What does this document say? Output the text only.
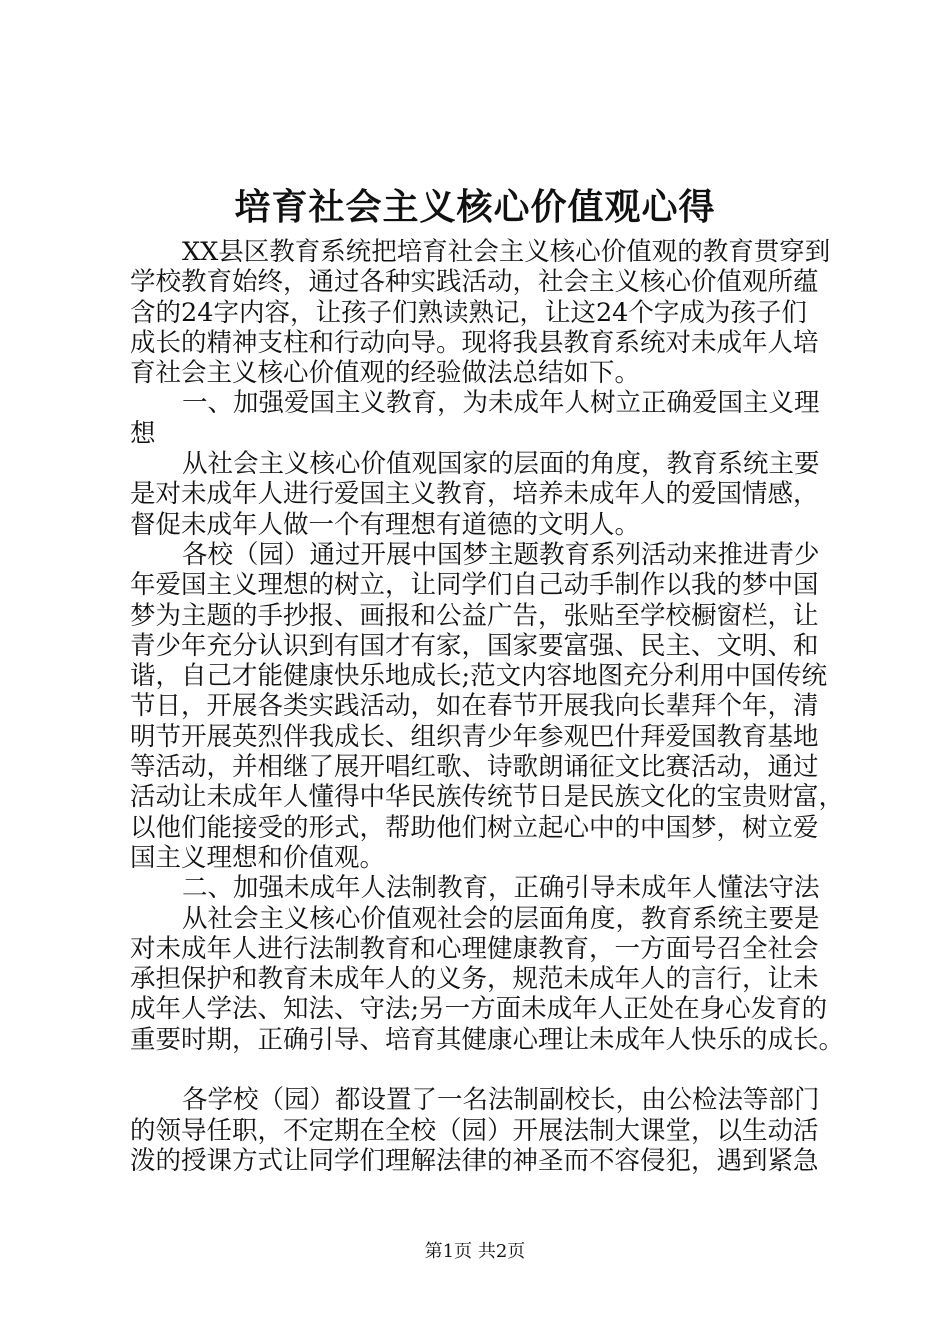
培育社会主义核心价值观心得
XX县区教育系统把培育社会主义核心价值观的教育贯穿到
学校教育始终，通过各种实践活动，社会主义核心价值观所蕴
含的24字内容，让孩子们熟读熟记，让这24个字成为孩子们
成长的精神支柱和行动向导。现将我县教育系统对未成年人培
育社会主义核心价值观的经验做法总结如下。
一、加强爱国主义教育，为未成年人树立正确爱国主义理
想
从社会主义核心价值观国家的层面的角度，教育系统主要
是对未成年人进行爱国主义教育，培养未成年人的爱国情感，
督促未成年人做一个有理想有道德的文明人。
各校（园）通过开展中国梦主题教育系列活动来推进青少
年爱国主义理想的树立，让同学们自己动手制作以我的梦中国
梦为主题的手抄报、画报和公益广告，张贴至学校橱窗栏，让
青少年充分认识到有国才有家，国家要富强、民主、文明、和
谐，自己才能健康快乐地成长;范文内容地图充分利用中国传统
节日，开展各类实践活动，如在春节开展我向长辈拜个年，清
明节开展英烈伴我成长、组织青少年参观巴什拜爱国教育基地
等活动，并相继了展开唱红歌、诗歌朗诵征文比赛活动，通过
活动让未成年人懂得中华民族传统节日是民族文化的宝贵财富，
以他们能接受的形式，帮助他们树立起心中的中国梦，树立爱
国主义理想和价值观。
二、加强未成年人法制教育，正确引导未成年人懂法守法
从社会主义核心价值观社会的层面角度，教育系统主要是
对未成年人进行法制教育和心理健康教育，一方面号召全社会
承担保护和教育未成年人的义务，规范未成年人的言行，让未
成年人学法、知法、守法;另一方面未成年人正处在身心发育的
重要时期，正确引导、培育其健康心理让未成年人快乐的成长。
各学校（园）都设置了一名法制副校长，由公检法等部门
的领导任职，不定期在全校（园）开展法制大课堂，以生动活
泼的授课方式让同学们理解法律的神圣而不容侵犯，遇到紧急
第1页 共2页
